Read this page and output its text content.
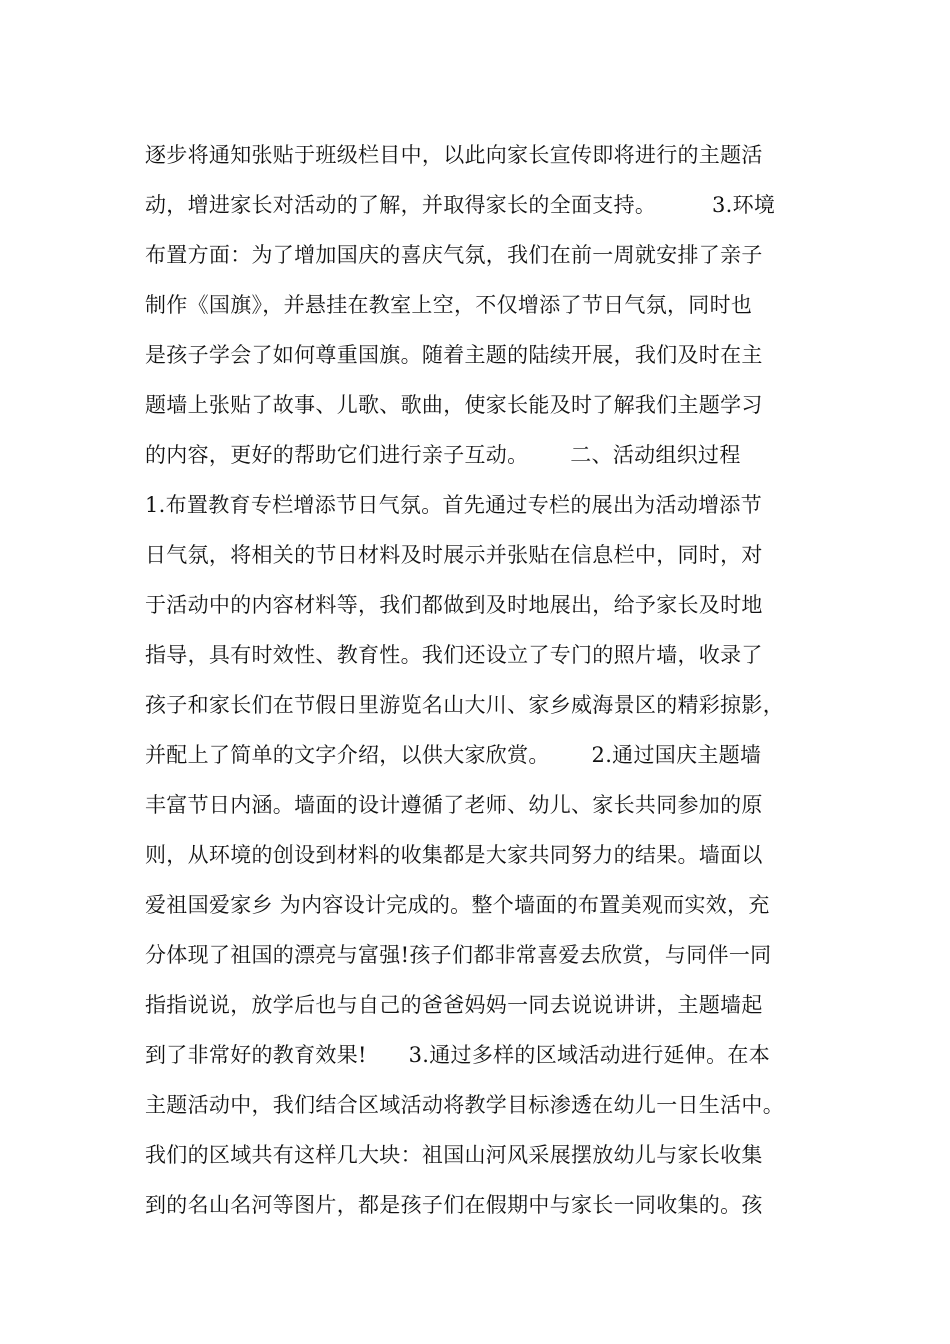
逐步将通知张贴于班级栏目中，以此向家长宣传即将进行的主题活
动，增进家长对活动的了解，并取得家长的全面支持。        3.环境
布置方面：为了增加国庆的喜庆气氛，我们在前一周就安排了亲子
制作《国旗》，并悬挂在教室上空，不仅增添了节日气氛，同时也
是孩子学会了如何尊重国旗。随着主题的陆续开展，我们及时在主
题墙上张贴了故事、儿歌、歌曲，使家长能及时了解我们主题学习
的内容，更好的帮助它们进行亲子互动。      二、活动组织过程
1.布置教育专栏增添节日气氛。首先通过专栏的展出为活动增添节
日气氛，将相关的节日材料及时展示并张贴在信息栏中，同时，对
于活动中的内容材料等，我们都做到及时地展出，给予家长及时地
指导，具有时效性、教育性。我们还设立了专门的照片墙，收录了
孩子和家长们在节假日里游览名山大川、家乡威海景区的精彩掠影，
并配上了简单的文字介绍，以供大家欣赏。      2.通过国庆主题墙
丰富节日内涵。墙面的设计遵循了老师、幼儿、家长共同参加的原
则，从环境的创设到材料的收集都是大家共同努力的结果。墙面以
爱祖国爱家乡 为内容设计完成的。整个墙面的布置美观而实效，充
分体现了祖国的漂亮与富强!孩子们都非常喜爱去欣赏，与同伴一同
指指说说，放学后也与自己的爸爸妈妈一同去说说讲讲，主题墙起
到了非常好的教育效果!      3.通过多样的区域活动进行延伸。在本
主题活动中，我们结合区域活动将教学目标渗透在幼儿一日生活中。
我们的区域共有这样几大块：祖国山河风采展摆放幼儿与家长收集
到的名山名河等图片，都是孩子们在假期中与家长一同收集的。孩
